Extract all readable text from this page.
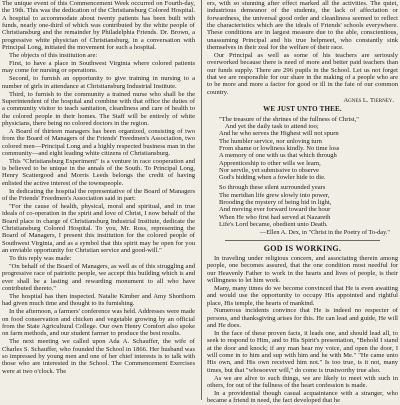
The unique event of this Commencement Week occurred on Fourth-day, the 19th. This was the dedication of the Christiansburg Colored Hospital. A hospital to accommodate about twenty patients has been built with funds, nearly one-third of which was contributed by the white people of Christiansburg and the remainder by Philadelphia Friends. Dr. Brown, a progressive white physician of Christiansburg, in a conversation with Principal Long, initiated the movement for such a hospital.

The objects of this institution are:

First, to have a place in Southwest Virginia where colored patients may come for nursing or operations.

Second, to furnish an opportunity to give training in nursing to a number of girls in attendance at Christiansburg Industrial Institute.

Third, to furnish to the community a trained nurse who shall be the Superintendent of the hospital and combine with that office the duties of a community visitor to teach sanitation, cleanliness and care of health to the colored people in their homes. The Staff will be entirely of white physicians, there being no colored doctors in the region.

A Board of thirteen managers has been organized, consisting of two from the Board of Managers of the Friends' Freedmen's Association, two colored men—Principal Long and a highly respected business man in the community—and eight leading white citizens of Christiansburg.

This "Christiansburg Experiment" is a venture in race cooperation and is believed to be unique in the annals of the South. To Principal Long, Henry Scattergood and Morris Leeds belongs the credit of having enlisted the active interest of the townspeople.

In dedicating the hospital the representative of the Board of Managers of the Friends' Freedmen's Association said in part:

"For the cause of health, physical, moral and spiritual, and in true ideals of co-operation in the spirit and love of Christ, I now behalf of the Board place in charge of Christiansburg Industrial Institute, dedicate the Christiansburg Colored Hospital. To you, Mr. Ross, representing the Board of Managers, I present this institution for the colored people of Southwest Virginia, and as a symbol that this spirit may be open for you an enviable opportunity for Christian service and good-will."

To this reply was made:

"On behalf of the Board of Managers, as well as of this struggling and progressive race of patriotic people, we accept this building which is and ever shall be a lasting and rewarding monument to all who have contributed thereto."

The hospital has then inspected. Natalie Kimber and Amy Shorthorn had given much time and thought to its furnishing.

In the afternoon, a farmers' conference was held. Addresses were made on food conservation and chicken and vegetable growing by an official from the State Agricultural College. Our own Henry Comfort also spoke on farm methods, and our student farmer to produce the best results.

The next meeting we called upon Ada A. Schauffer, the wife of Charles S. Schauffer, who founded the School in 1866. Her husband was so impressed by young men and one of her chief interests is to talk with those who are interested in the School. The Commencement Exercises were at two o'clock. The

ers, with so stunning after effect marked all the activities. The quiet, industrious demeanor of the students, the lack of affectation or forwardness, the universal good order and cleanliness seemed to reflect the characteristics which are the ideals of Friends' schools everywhere. These conditions are in largest measure due to the able, conscientious, unassuming Principal and his true helpmeet, who constantly sink themselves in their zeal for the welfare of their race.

Our Principal as well as some of his teachers are seriously overworked because there is need of more and better paid teachers than our funds supply. There are 296 pupils in the School. Let us not forget that we are responsible for our share in the making of a people who are to be more and more a factor for good or ill in the fate of our common country.

Agnes L. Tierney.
WE JUST UNTO THEE.
"The treasure of the shrines of the fullness of Christ,"
And yet the daily task to attend too;
And he who serves the Highest will not spurn
The humbler service, nor unloving turn
From shame or lowliness kindly. No time loss
A memory of one with us that which through
Apprenticeship to other wills we learn,
Nor servile, yet submissive to observe
God's bidding when a fowler hide to die.
So through these silent surrounded years
The meridian life grew slowly into power,
Brooding the mystery of being hid in light,
And moving ever forward toward the hour
When He who first had served at Nazareth
Life's Lord became, obedient unto Death.
—Ellen A. Dex, in "Christ in the Poetry of To-day."
GOD IS WORKING.

In traveling under religious concern, and associating therein among people, one becomes assured, that the one condition most needful for our Heavenly Father to work in the hearts and lives of people, is their willingness to let him work.

Many, many times do we become convinced that He is even awaiting and would use the opportunity to occupy His appointed and rightful place, His temple, the hearts of mankind.

Numerous incidents convince that He is indeed no respecter of persons, and thanksgiving arises for this. He can lead and guide, He will and He does.

In the face of these proven facts, it leads one, and should lead all, to seek to respond to Him, and to His Spirit's presentation, "Behold I stand at the door and knock; if any man hear my voice, and open the door, I will come in to him and sup with him and he with Me." "He came unto His own, and His own received him not." Is too true, is it not, many times, but that "whosoever will," do come is trustworthy true also.

As we are alive to such things, we are likely to meet with such in others, for out of the fullness of the heart confession is made.

In a providential though casual acquaintance with a stranger, who became a friend in need, the fact developed that he
